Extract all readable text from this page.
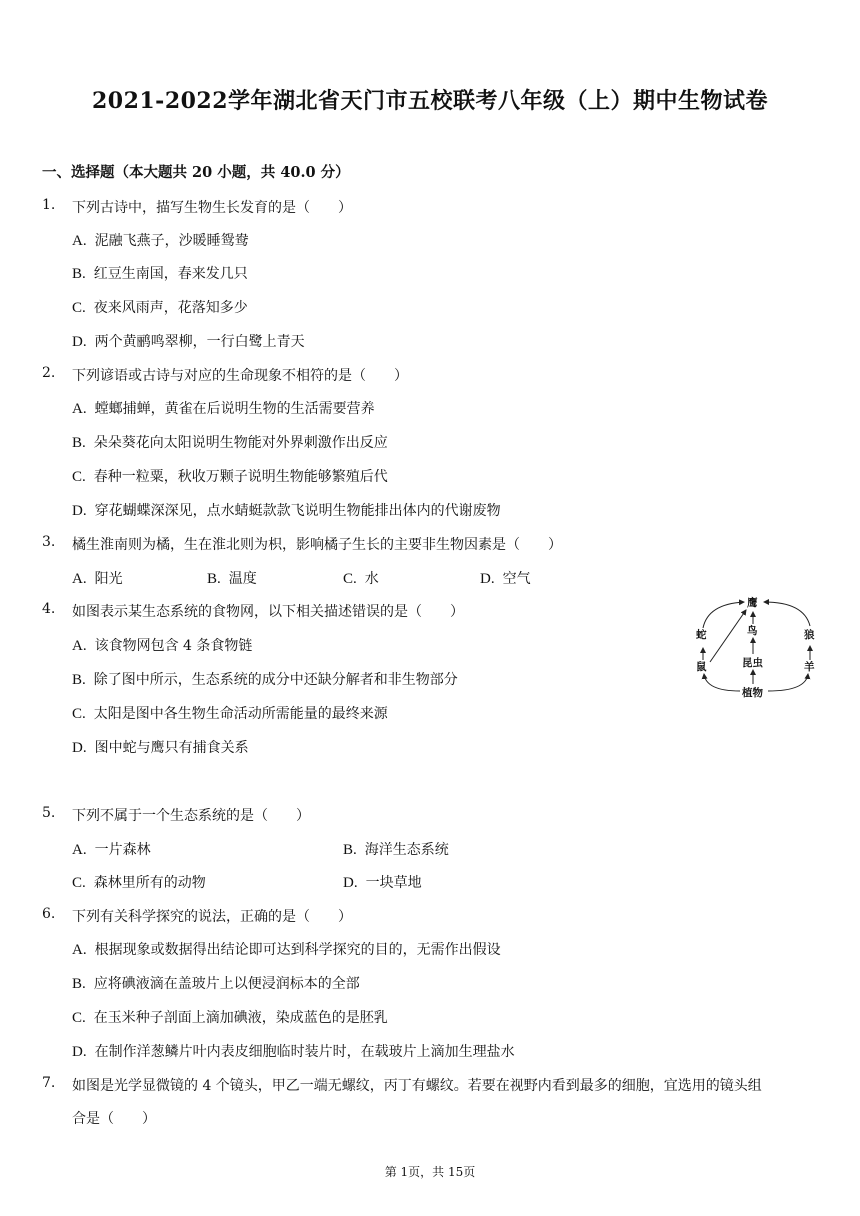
2021-2022学年湖北省天门市五校联考八年级（上）期中生物试卷
一、选择题（本大题共 20 小题，共 40.0 分）
1. 下列古诗中，描写生物生长发育的是（　　）
A. 泥融飞燕子，沙暖睡鸳鸯
B. 红豆生南国，春来发几只
C. 夜来风雨声，花落知多少
D. 两个黄鹂鸣翠柳，一行白鹭上青天
2. 下列谚语或古诗与对应的生命现象不相符的是（　　）
A. 螳螂捕蝉，黄雀在后说明生物的生活需要营养
B. 朵朵葵花向太阳说明生物能对外界刺激作出反应
C. 春种一粒粟，秋收万颗子说明生物能够繁殖后代
D. 穿花蝴蝶深深见，点水蜻蜓款款飞说明生物能排出体内的代谢废物
3. 橘生淮南则为橘，生在淮北则为枳，影响橘子生长的主要非生物因素是（　　）
A. 阳光	B. 温度	C. 水	D. 空气
4. 如图表示某生态系统的食物网，以下相关描述错误的是（　　）
A. 该食物网包含 4 条食物链
B. 除了图中所示，生态系统的成分中还缺分解者和非生物部分
C. 太阳是图中各生物生命活动所需能量的最终来源
D. 图中蛇与鹰只有捕食关系
鹰
蛇	鸟	狼
鼠	昆虫	羊
植物
5. 下列不属于一个生态系统的是（　　）
A. 一片森林	B. 海洋生态系统
C. 森林里所有的动物	D. 一块草地
6. 下列有关科学探究的说法，正确的是（　　）
A. 根据现象或数据得出结论即可达到科学探究的目的，无需作出假设
B. 应将碘液滴在盖玻片上以便浸润标本的全部
C. 在玉米种子剖面上滴加碘液，染成蓝色的是胚乳
D. 在制作洋葱鳞片叶内表皮细胞临时装片时，在载玻片上滴加生理盐水
7. 如图是光学显微镜的 4 个镜头，甲乙一端无螺纹，丙丁有螺纹。若要在视野内看到最多的细胞，宜选用的镜头组
合是（　　）
第 1页，共 15页
